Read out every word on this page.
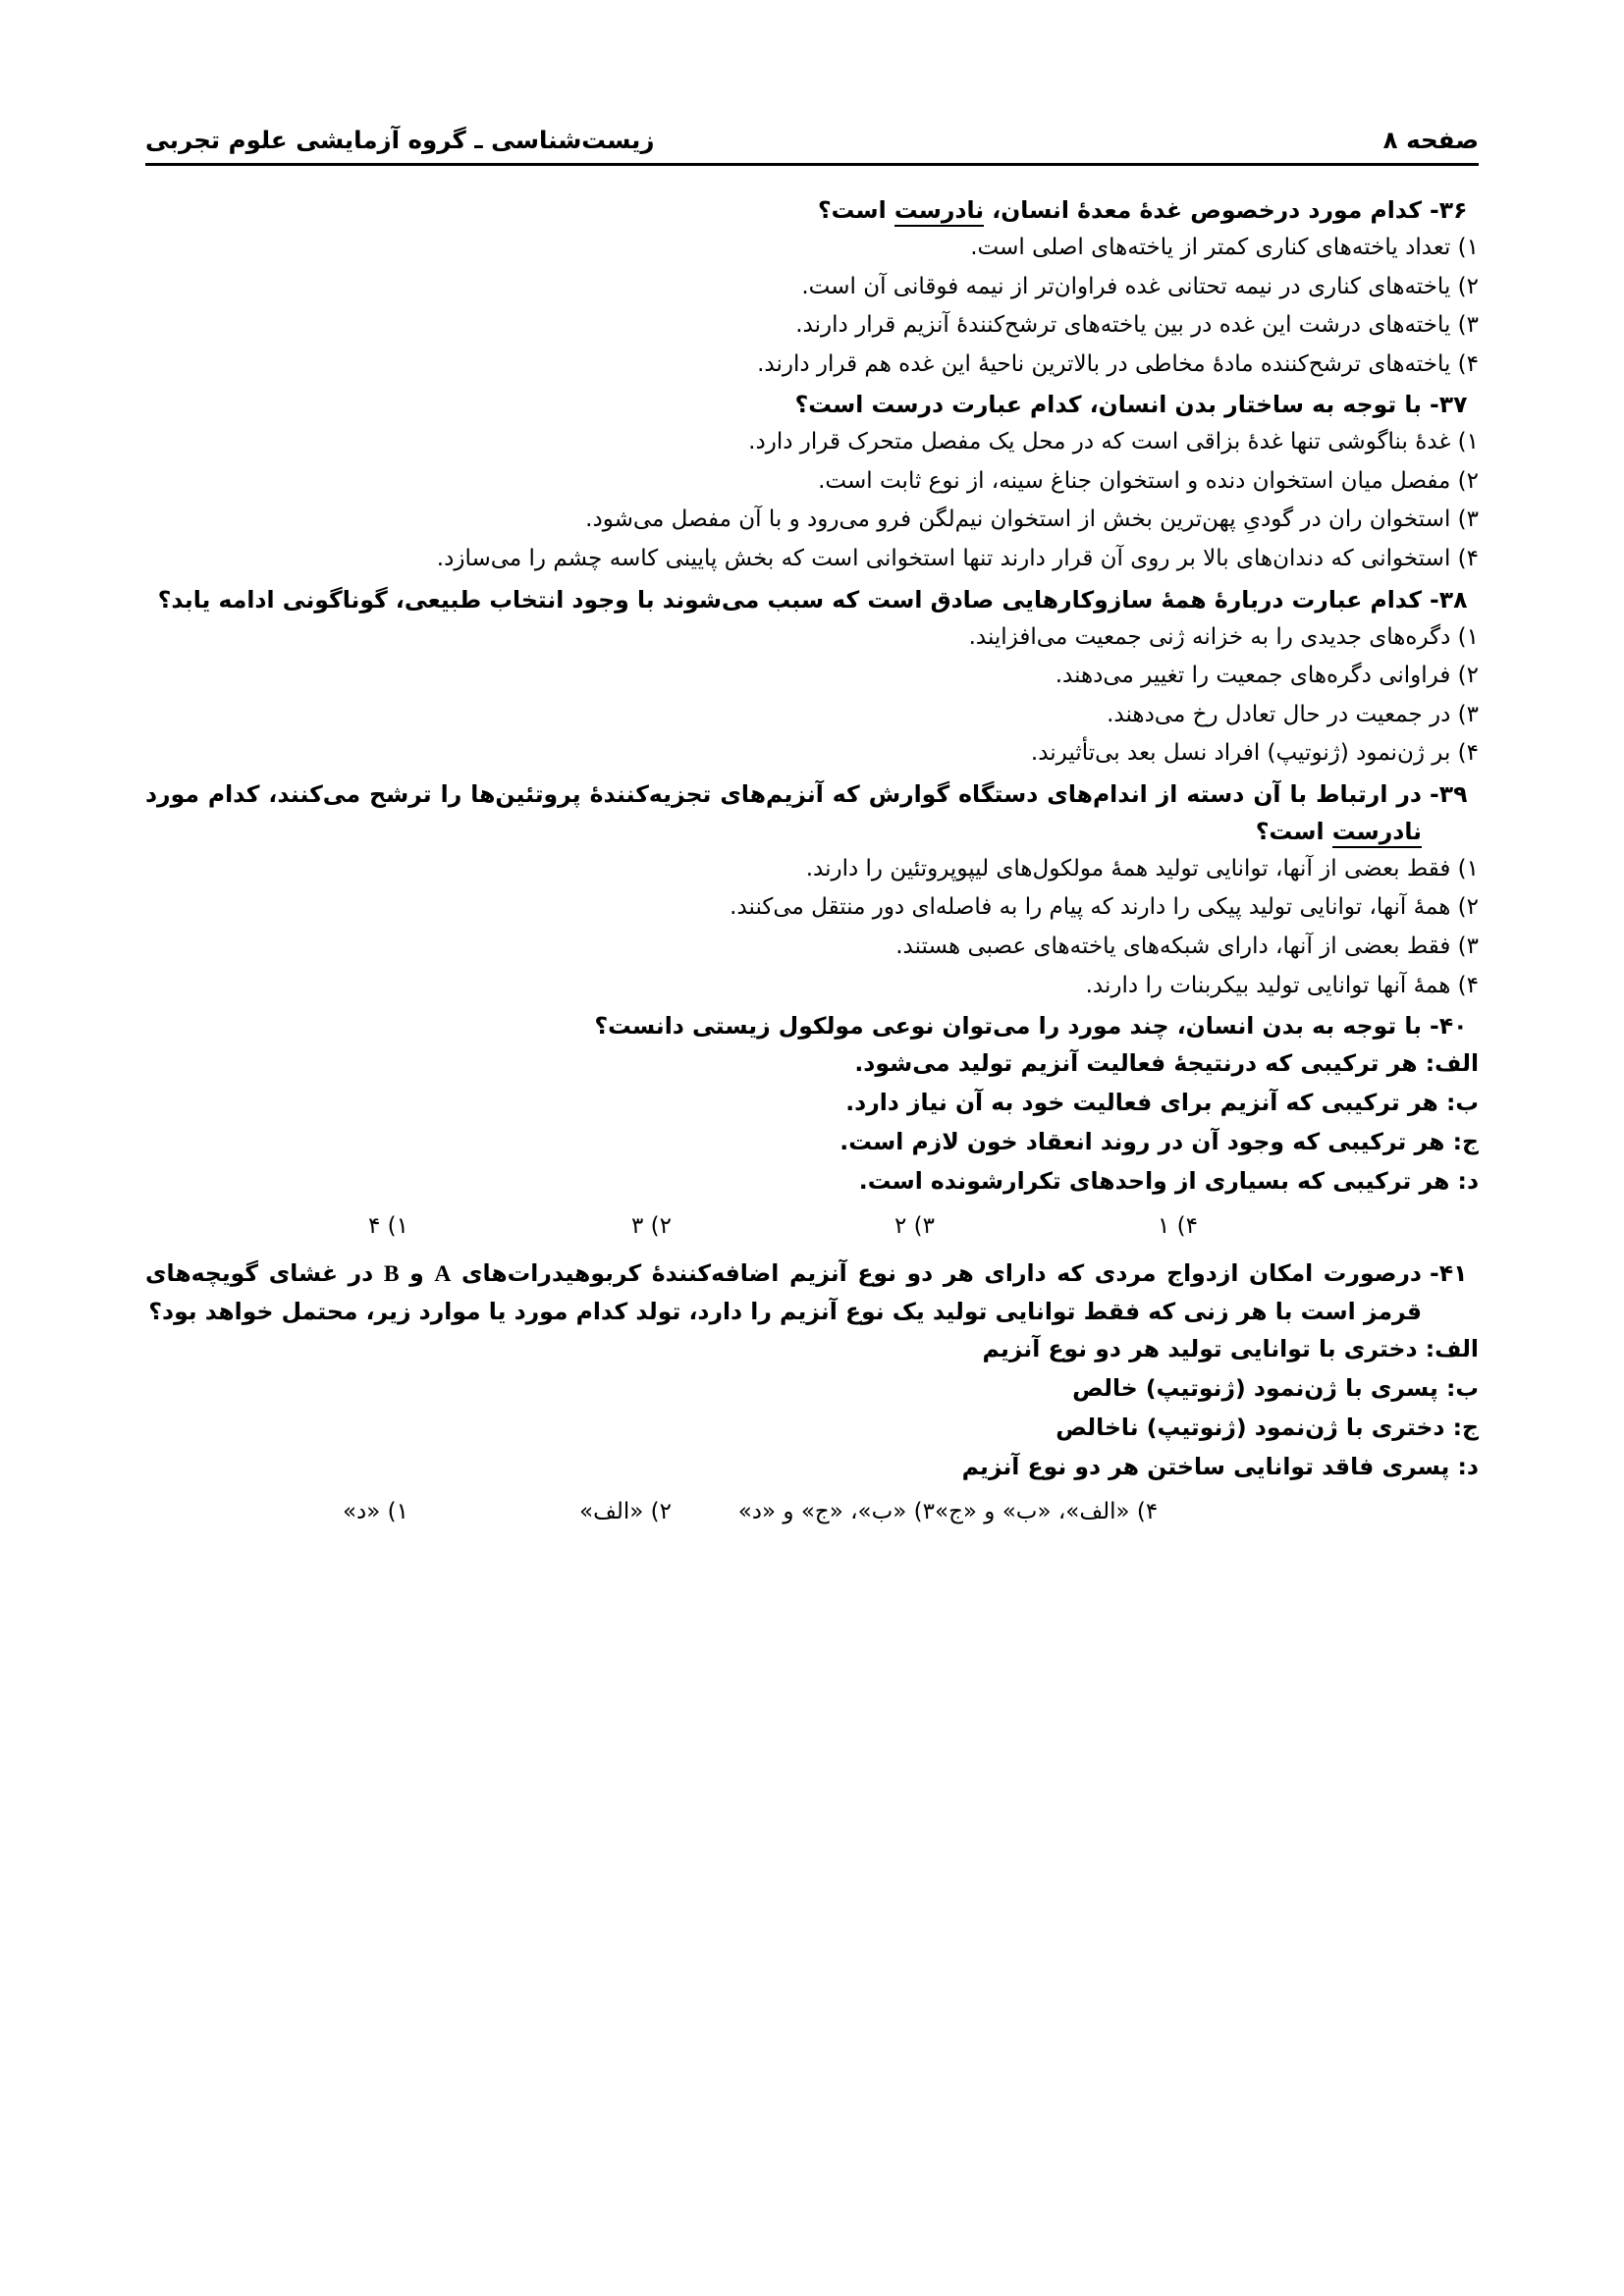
زیست‌شناسی ـ گروه آزمایشی علوم تجربی	صفحه ۸
۳۶-
کدام مورد درخصوص غدهٔ معدهٔ انسان، نادرست است؟
۱) تعداد یاخته‌های کناری کمتر از یاخته‌های اصلی است.
۲) یاخته‌های کناری در نیمه تحتانی غده فراوان‌تر از نیمه فوقانی آن است.
۳) یاخته‌های درشت این غده در بین یاخته‌های ترشح‌کنندهٔ آنزیم قرار دارند.
۴) یاخته‌های ترشح‌کننده مادهٔ مخاطی در بالاترین ناحیهٔ این غده هم قرار دارند.
۳۷-
با توجه به ساختار بدن انسان، کدام عبارت درست است؟
۱) غدهٔ بناگوشی تنها غدهٔ بزاقی است که در محل یک مفصل متحرک قرار دارد.
۲) مفصل میان استخوان دنده و استخوان جناغ سینه، از نوع ثابت است.
۳) استخوان ران در گودیِ پهن‌ترین بخش از استخوان نیم‌لگن فرو می‌رود و با آن مفصل می‌شود.
۴) استخوانی که دندان‌های بالا بر روی آن قرار دارند تنها استخوانی است که بخش پایینی کاسه چشم را می‌سازد.
۳۸-
کدام عبارت دربارهٔ همهٔ سازوکارهایی صادق است که سبب می‌شوند با وجود انتخاب طبیعی، گوناگونی ادامه یابد؟
۱) دگره‌های جدیدی را به خزانه ژنی جمعیت می‌افزایند.
۲) فراوانی دگره‌های جمعیت را تغییر می‌دهند.
۳) در جمعیت در حال تعادل رخ می‌دهند.
۴) بر ژن‌نمود (ژنوتیپ) افراد نسل بعد بی‌تأثیرند.
۳۹-
در ارتباط با آن دسته از اندام‌های دستگاه گوارش که آنزیم‌های تجزیه‌کنندهٔ پروتئین‌ها را ترشح می‌کنند، کدام مورد نادرست است؟
۱) فقط بعضی از آنها، توانایی تولید همهٔ مولکول‌های لیپوپروتئین را دارند.
۲) همهٔ آنها، توانایی تولید پیکی را دارند که پیام را به فاصله‌ای دور منتقل می‌کنند.
۳) فقط بعضی از آنها، دارای شبکه‌های یاخته‌های عصبی هستند.
۴) همهٔ آنها توانایی تولید بیکربنات را دارند.
۴۰-
با توجه به بدن انسان، چند مورد را می‌توان نوعی مولکول زیستی دانست؟
الف: هر ترکیبی که درنتیجهٔ فعالیت آنزیم تولید می‌شود.
ب: هر ترکیبی که آنزیم برای فعالیت خود به آن نیاز دارد.
ج: هر ترکیبی که وجود آن در روند انعقاد خون لازم است.
د: هر ترکیبی که بسیاری از واحدهای تکرارشونده است.
۱) ۴	۲) ۳	۳) ۲	۴) ۱
۴۱-
درصورت امکان ازدواج مردی که دارای هر دو نوع آنزیم اضافه‌کنندهٔ کربوهیدرات‌های A و B در غشای گویچه‌های قرمز است با هر زنی که فقط توانایی تولید یک نوع آنزیم را دارد، تولد کدام مورد یا موارد زیر، محتمل خواهد بود؟
الف: دختری با توانایی تولید هر دو نوع آنزیم
ب: پسری با ژن‌نمود (ژنوتیپ) خالص
ج: دختری با ژن‌نمود (ژنوتیپ) ناخالص
د: پسری فاقد توانایی ساختن هر دو نوع آنزیم
۱) «د»	۲) «الف»	۳) «ب»، «ج» و «د» ۴) «الف»، «ب» و «ج»
